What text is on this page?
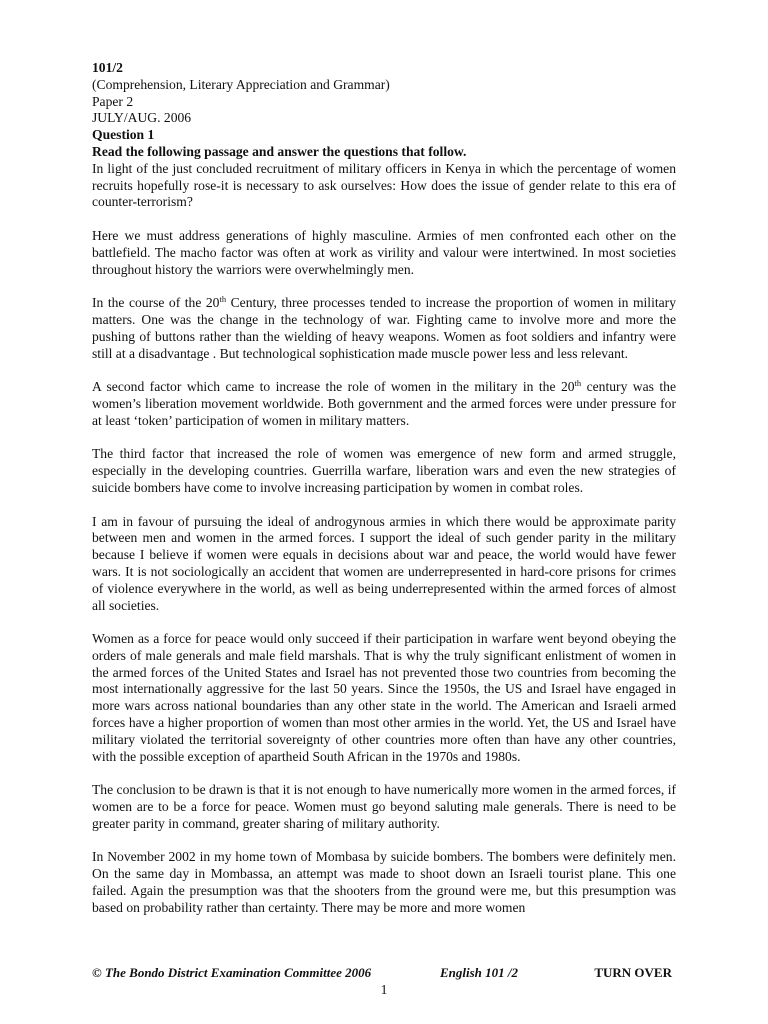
101/2
(Comprehension, Literary Appreciation and Grammar)
Paper 2
JULY/AUG. 2006
Question 1
Read the following passage and answer the questions that follow.

In light of the just concluded recruitment of military officers in Kenya in which the percentage of women recruits hopefully rose-it is necessary to ask ourselves: How does the issue of gender relate to this era of counter-terrorism?

Here we must address generations of highly masculine. Armies of men confronted each other on the battlefield. The macho factor was often at work as virility and valour were intertwined. In most societies throughout history the warriors were overwhelmingly men.

In the course of the 20th Century, three processes tended to increase the proportion of women in military matters. One was the change in the technology of war. Fighting came to involve more and more the pushing of buttons rather than the wielding of heavy weapons. Women as foot soldiers and infantry were still at a disadvantage . But technological sophistication made muscle power less and less relevant.

A second factor which came to increase the role of women in the military in the 20th century was the women’s liberation movement worldwide. Both government and the armed forces were under pressure for at least ‘token’ participation of women in military matters.

The third factor that increased the role of women was emergence of new form and armed struggle, especially in the developing countries. Guerrilla warfare, liberation wars and even the new strategies of suicide bombers have come to involve increasing participation by women in combat roles.

I am in favour of pursuing the ideal of androgynous armies in which there would be approximate parity between men and women in the armed forces. I support the ideal of such gender parity in the military because I believe if women were equals in decisions about war and peace, the world would have fewer wars. It is not sociologically an accident that women are underrepresented in hard-core prisons for crimes of violence everywhere in the world, as well as being underrepresented within the armed forces of almost all societies.

Women as a force for peace would only succeed if their participation in warfare went beyond obeying the orders of male generals and male field marshals. That is why the truly significant enlistment of women in the armed forces of the United States and Israel has not prevented those two countries from becoming the most internationally aggressive for the last 50 years. Since the 1950s, the US and Israel have engaged in more wars across national boundaries than any other state in the world. The American and Israeli armed forces have a higher proportion of women than most other armies in the world. Yet, the US and Israel have military violated the territorial sovereignty of other countries more often than have any other countries, with the possible exception of apartheid South African in the 1970s and 1980s.

The conclusion to be drawn is that it is not enough to have numerically more women in the armed forces, if women are to be a force for peace. Women must go beyond saluting male generals. There is need to be greater parity in command, greater sharing of military authority.

In November 2002 in my home town of Mombasa by suicide bombers. The bombers were definitely men. On the same day in Mombassa, an attempt was made to shoot down an Israeli tourist plane. This one failed. Again the presumption was that the shooters from the ground were me, but this presumption was based on probability rather than certainty. There may be more and more women

© The Bondo District Examination Committee 2006	English 101 /2	TURN OVER
1
